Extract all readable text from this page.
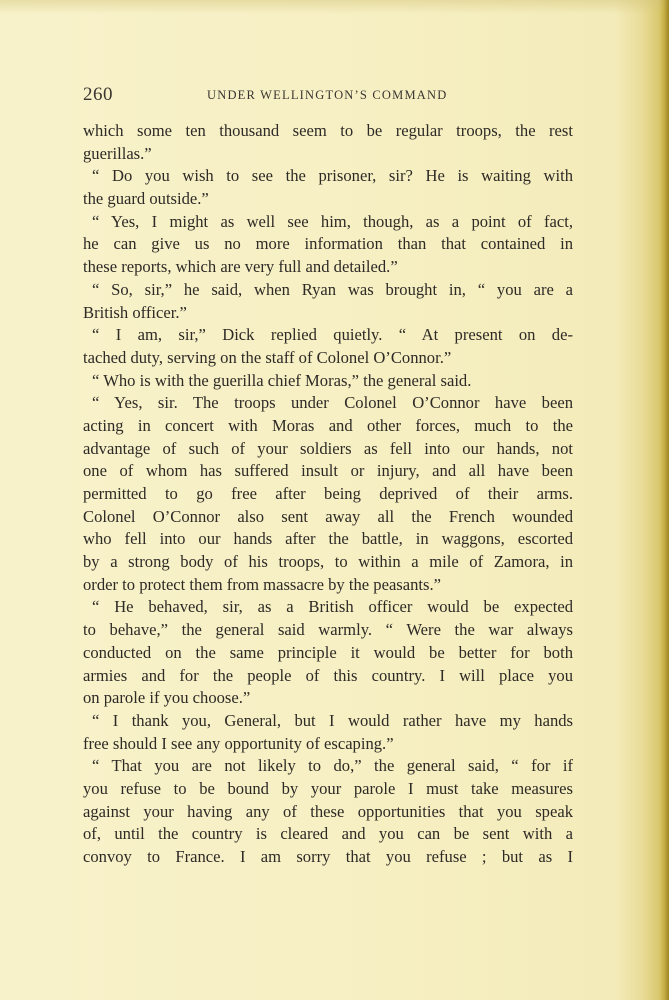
260	UNDER WELLINGTON’S COMMAND
which some ten thousand seem to be regular troops, the rest
guerillas.”
“ Do you wish to see the prisoner, sir? He is waiting with
the guard outside.”
“ Yes, I might as well see him, though, as a point of fact,
he can give us no more information than that contained in
these reports, which are very full and detailed.”
“ So, sir,” he said, when Ryan was brought in, “ you are a
British officer.”
“ I am, sir,” Dick replied quietly. “ At present on de-
tached duty, serving on the staff of Colonel O’Connor.”
“ Who is with the guerilla chief Moras,” the general said.
“ Yes, sir. The troops under Colonel O’Connor have been
acting in concert with Moras and other forces, much to the
advantage of such of your soldiers as fell into our hands, not
one of whom has suffered insult or injury, and all have been
permitted to go free after being deprived of their arms.
Colonel O’Connor also sent away all the French wounded
who fell into our hands after the battle, in waggons, escorted
by a strong body of his troops, to within a mile of Zamora, in
order to protect them from massacre by the peasants.”
“ He behaved, sir, as a British officer would be expected
to behave,” the general said warmly. “ Were the war always
conducted on the same principle it would be better for both
armies and for the people of this country. I will place you
on parole if you choose.”
“ I thank you, General, but I would rather have my hands
free should I see any opportunity of escaping.”
“ That you are not likely to do,” the general said, “ for if
you refuse to be bound by your parole I must take measures
against your having any of these opportunities that you speak
of, until the country is cleared and you can be sent with a
convoy to France. I am sorry that you refuse ; but as I
